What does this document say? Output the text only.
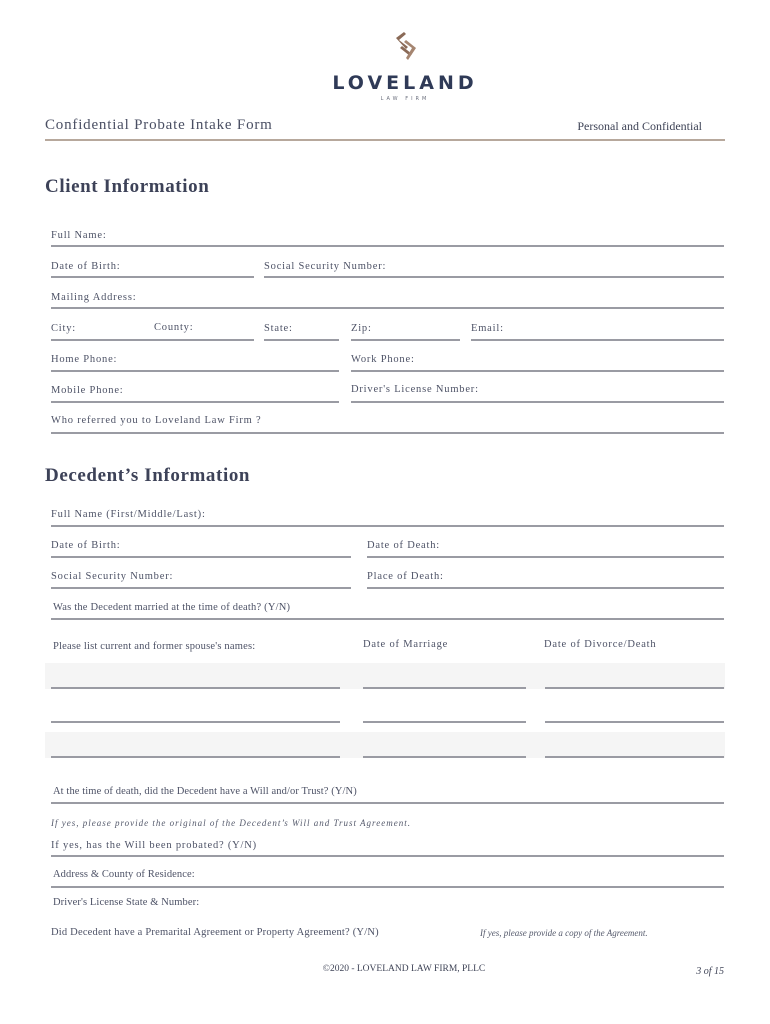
LOVELAND
LAW FIRM
Confidential Probate Intake Form	Personal and Confidential
Client Information
Full Name:
Date of Birth:	Social Security Number:
Mailing Address:
City:	County:	State:	Zip:	Email:
Home Phone:	Work Phone:
Mobile Phone:	Driver's License Number:
Who referred you to Loveland Law Firm ?
Decedent’s Information
Full Name (First/Middle/Last):
Date of Birth:	Date of Death:
Social Security Number:	Place of Death:
Was the Decedent married at the time of death? (Y/N)
Please list current and former spouse's names:	Date of Marriage	Date of Divorce/Death
At the time of death, did the Decedent have a Will and/or Trust? (Y/N)
If yes, please provide the original of the Decedent’s Will and Trust Agreement.
If yes, has the Will been probated? (Y/N)
Address & County of Residence:
Driver's License State & Number:
Did Decedent have a Premarital Agreement or Property Agreement? (Y/N)	If yes, please provide a copy of the Agreement.
©2020 - LOVELAND LAW FIRM, PLLC	3 of 15
